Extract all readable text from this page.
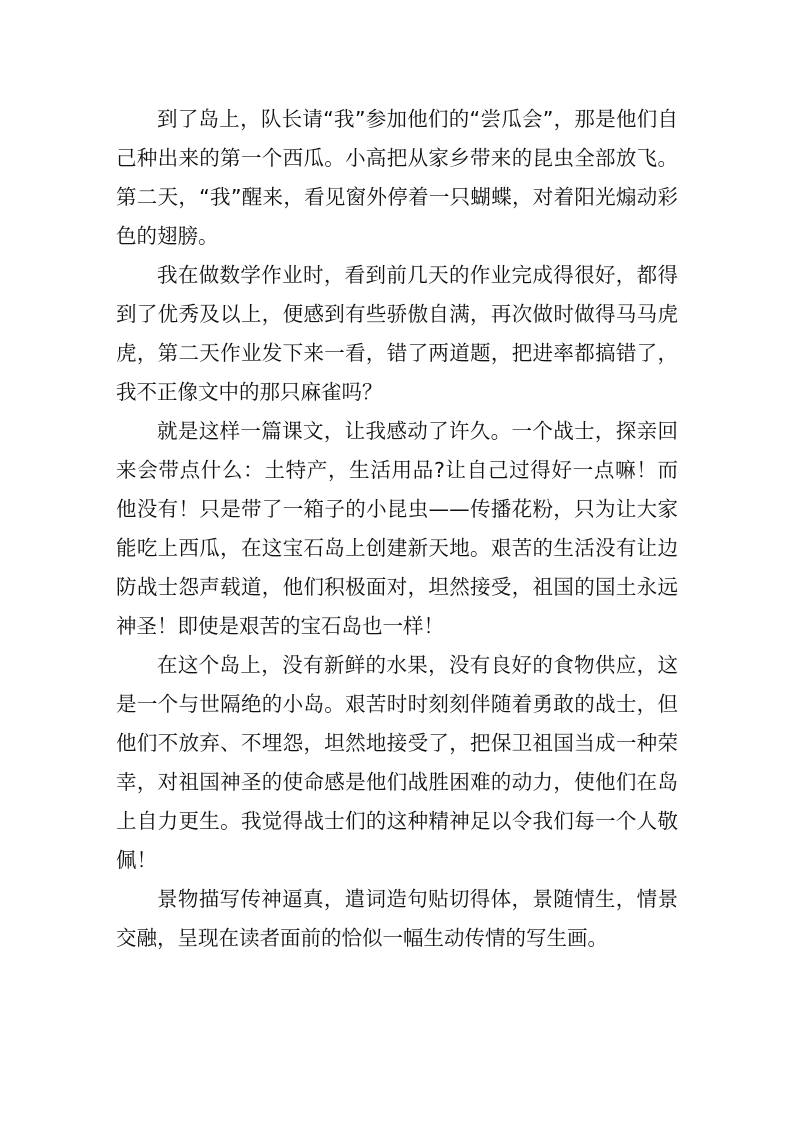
到了岛上，队长请“我”参加他们的“尝瓜会”，那是他们自己种出来的第一个西瓜。小高把从家乡带来的昆虫全部放飞。第二天，“我”醒来，看见窗外停着一只蝴蝶，对着阳光煽动彩色的翅膀。

我在做数学作业时，看到前几天的作业完成得很好，都得到了优秀及以上，便感到有些骄傲自满，再次做时做得马马虎虎，第二天作业发下来一看，错了两道题，把进率都搞错了，我不正像文中的那只麻雀吗？

就是这样一篇课文，让我感动了许久。一个战士，探亲回来会带点什么：土特产，生活用品?让自己过得好一点嘛！而他没有！只是带了一箱子的小昆虫——传播花粉，只为让大家能吃上西瓜，在这宝石岛上创建新天地。艰苦的生活没有让边防战士怨声载道，他们积极面对，坦然接受，祖国的国土永远神圣！即使是艰苦的宝石岛也一样！

在这个岛上，没有新鲜的水果，没有良好的食物供应，这是一个与世隔绝的小岛。艰苦时时刻刻伴随着勇敢的战士，但他们不放弃、不埋怨，坦然地接受了，把保卫祖国当成一种荣幸，对祖国神圣的使命感是他们战胜困难的动力，使他们在岛上自力更生。我觉得战士们的这种精神足以令我们每一个人敬佩！

景物描写传神逼真，遣词造句贴切得体，景随情生，情景交融，呈现在读者面前的恰似一幅生动传情的写生画。
